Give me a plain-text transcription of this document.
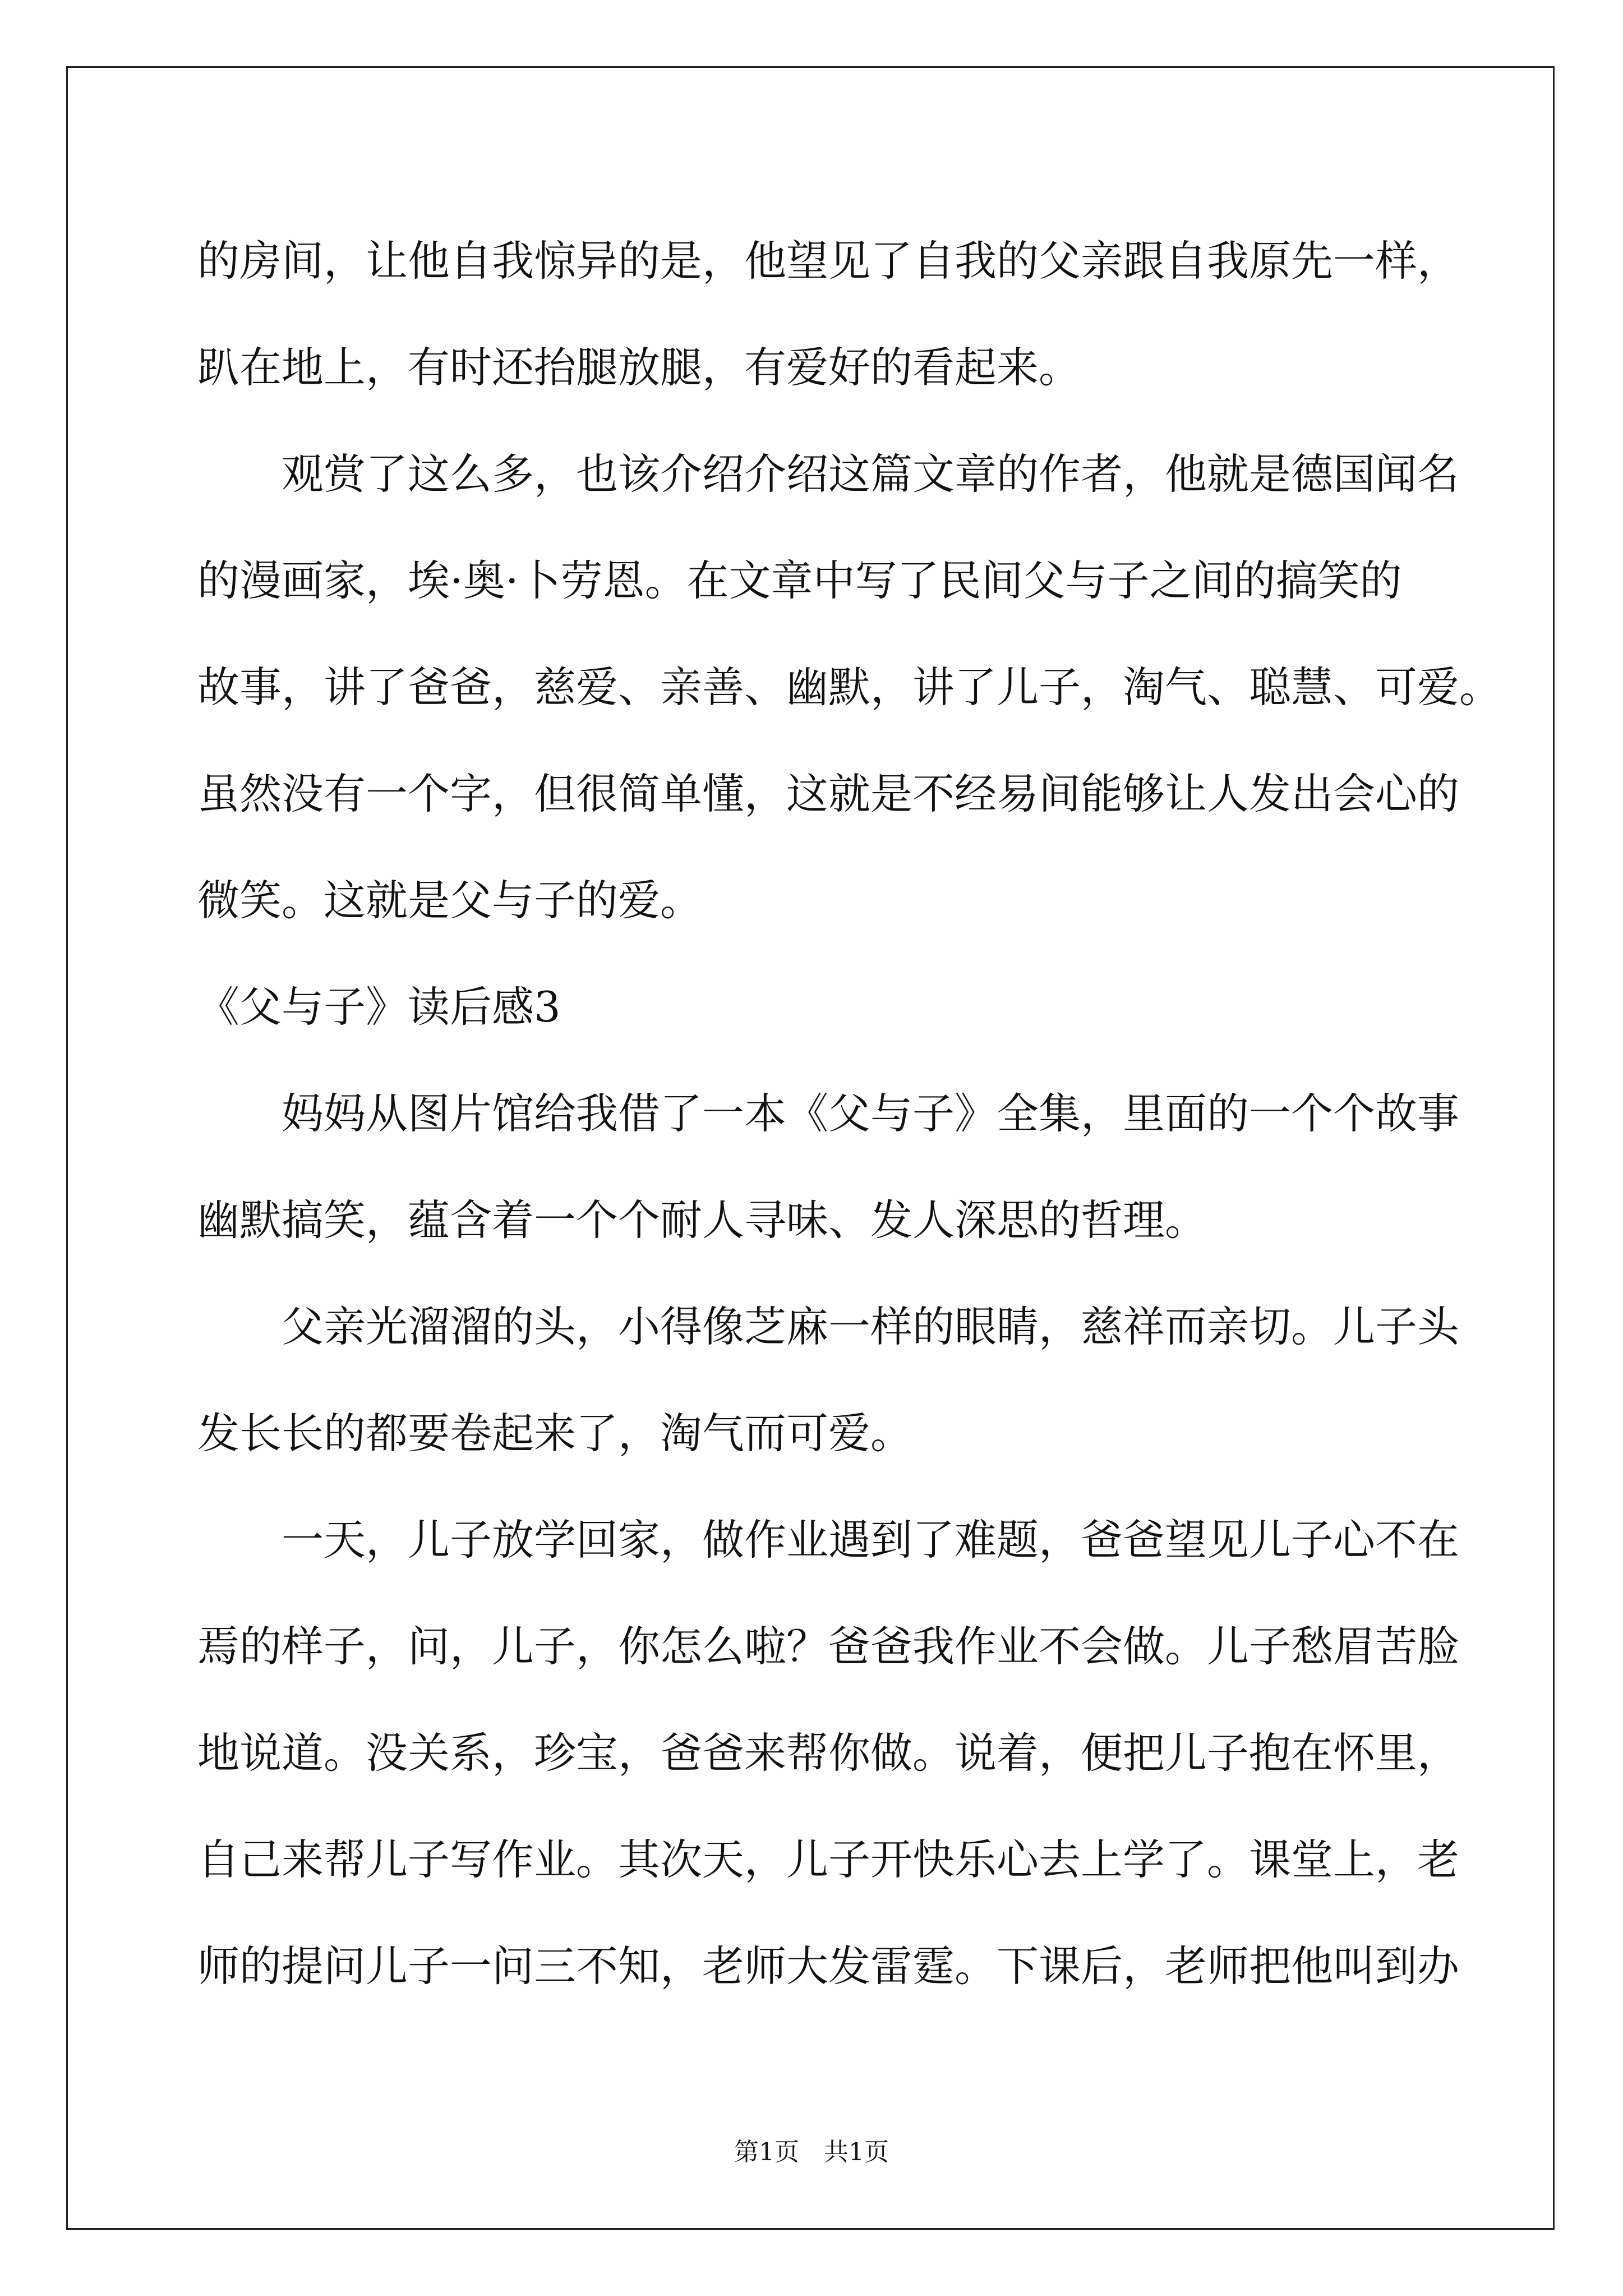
的房间，让他自我惊异的是，他望见了自我的父亲跟自我原先一样，

趴在地上，有时还抬腿放腿，有爱好的看起来。

　　观赏了这么多，也该介绍介绍这篇文章的作者，他就是德国闻名

的漫画家，埃·奥·卜劳恩。在文章中写了民间父与子之间的搞笑的

故事，讲了爸爸，慈爱、亲善、幽默，讲了儿子，淘气、聪慧、可爱。

虽然没有一个字，但很简单懂，这就是不经易间能够让人发出会心的

微笑。这就是父与子的爱。

《父与子》读后感3

　　妈妈从图片馆给我借了一本《父与子》全集，里面的一个个故事

幽默搞笑，蕴含着一个个耐人寻味、发人深思的哲理。

　　父亲光溜溜的头，小得像芝麻一样的眼睛，慈祥而亲切。儿子头

发长长的都要卷起来了，淘气而可爱。

　　一天，儿子放学回家，做作业遇到了难题，爸爸望见儿子心不在

焉的样子，问，儿子，你怎么啦？爸爸我作业不会做。儿子愁眉苦脸

地说道。没关系，珍宝，爸爸来帮你做。说着，便把儿子抱在怀里，

自己来帮儿子写作业。其次天，儿子开快乐心去上学了。课堂上，老

师的提问儿子一问三不知，老师大发雷霆。下课后，老师把他叫到办

第1页　共1页
